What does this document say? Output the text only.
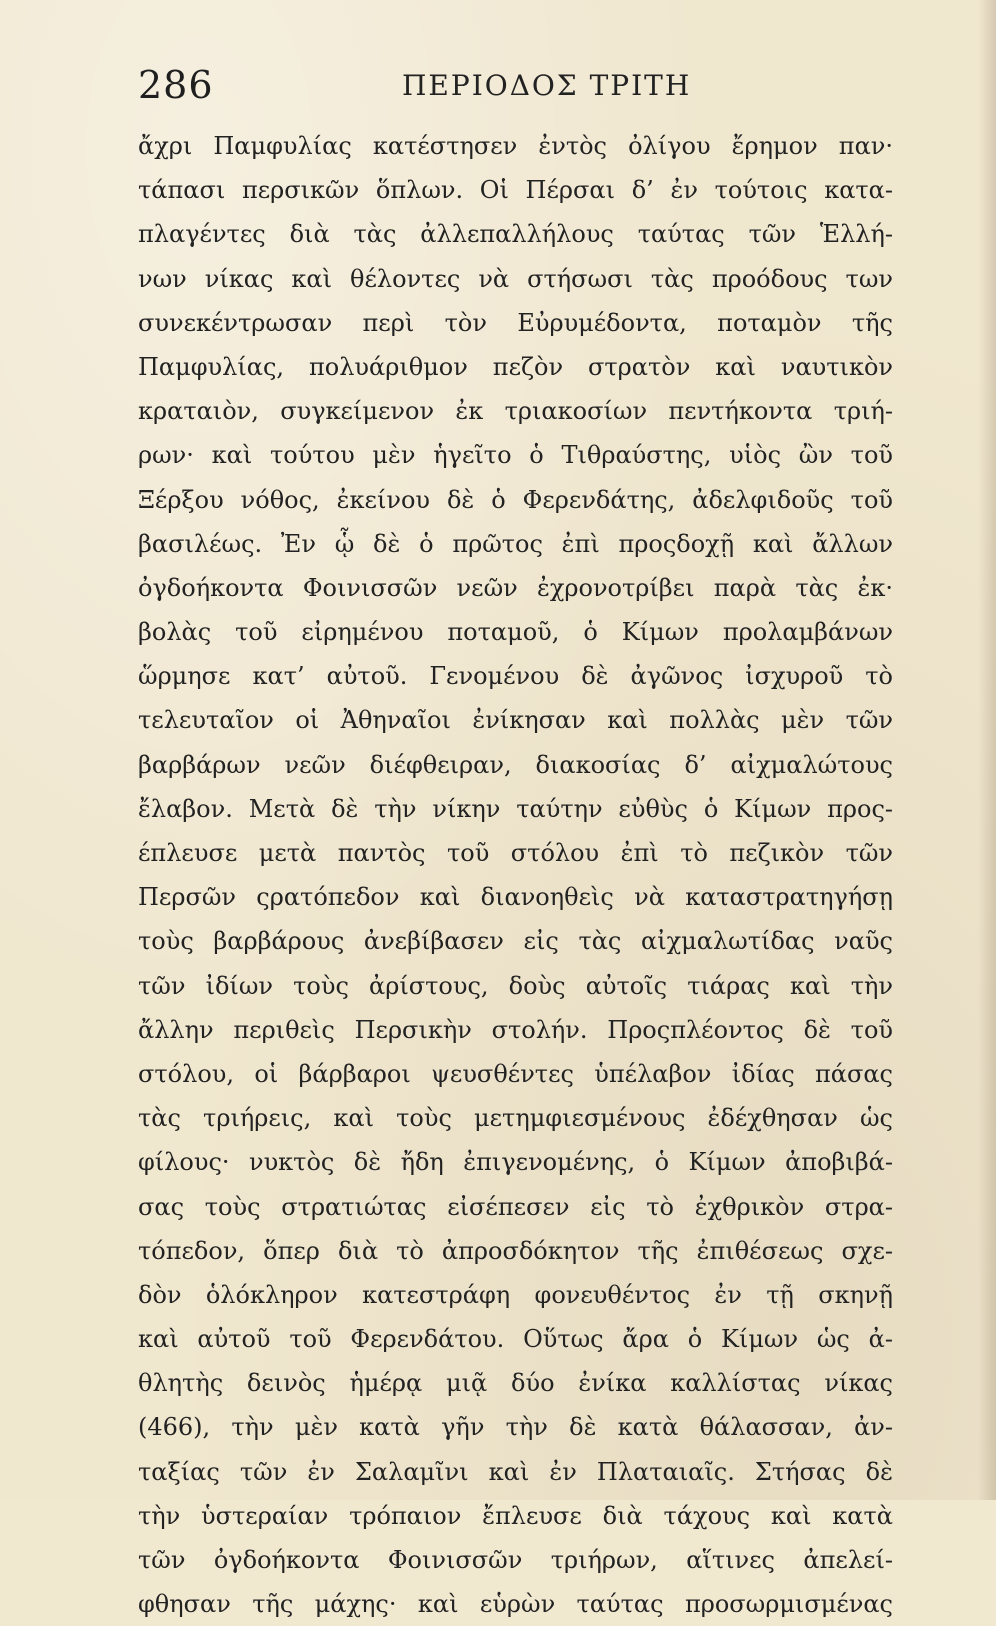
286	ΠΕΡΙΟΔΟΣ ΤΡΙΤΗ
ἄχρι Παμφυλίας κατέστησεν ἐντὸς ὀλίγου ἔρημον παν·
τάπασι περσικῶν ὅπλων. Οἱ Πέρσαι δ’ ἐν τούτοις κατα-
πλαγέντες διὰ τὰς ἀλλεπαλλήλους ταύτας τῶν Ἑλλή-
νων νίκας καὶ θέλοντες νὰ στήσωσι τὰς προόδους των
συνεκέντρωσαν περὶ τὸν Εὐρυμέδοντα, ποταμὸν τῆς
Παμφυλίας, πολυάριθμον πεζὸν στρατὸν καὶ ναυτικὸν
κραταιὸν, συγκείμενον ἐκ τριακοσίων πεντήκοντα τριή-
ρων· καὶ τούτου μὲν ἡγεῖτο ὁ Τιθραύστης, υἱὸς ὢν τοῦ
Ξέρξου νόθος, ἐκείνου δὲ ὁ Φερενδάτης, ἀδελφιδοῦς τοῦ
βασιλέως. Ἐν ᾧ δὲ ὁ πρῶτος ἐπὶ προςδοχῇ καὶ ἄλλων
ὀγδοήκοντα Φοινισσῶν νεῶν ἐχρονοτρίβει παρὰ τὰς ἐκ·
βολὰς τοῦ εἰρημένου ποταμοῦ, ὁ Κίμων προλαμβάνων
ὥρμησε κατ’ αὐτοῦ. Γενομένου δὲ ἀγῶνος ἰσχυροῦ τὸ
τελευταῖον οἱ Ἀθηναῖοι ἐνίκησαν καὶ πολλὰς μὲν τῶν
βαρβάρων νεῶν διέφθειραν, διακοσίας δ’ αἰχμαλώτους
ἔλαβον. Μετὰ δὲ τὴν νίκην ταύτην εὐθὺς ὁ Κίμων προς-
έπλευσε μετὰ παντὸς τοῦ στόλου ἐπὶ τὸ πεζικὸν τῶν
Περσῶν ςρατόπεδον καὶ διανοηθεὶς νὰ καταστρατηγήσῃ
τοὺς βαρβάρους ἀνεβίβασεν εἰς τὰς αἰχμαλωτίδας ναῦς
τῶν ἰδίων τοὺς ἀρίστους, δοὺς αὐτοῖς τιάρας καὶ τὴν
ἄλλην περιθεὶς Περσικὴν στολήν. Προςπλέοντος δὲ τοῦ
στόλου, οἱ βάρβαροι ψευσθέντες ὑπέλαβον ἰδίας πάσας
τὰς τριήρεις, καὶ τοὺς μετημφιεσμένους ἐδέχθησαν ὡς
φίλους· νυκτὸς δὲ ἤδη ἐπιγενομένης, ὁ Κίμων ἀποβιβά-
σας τοὺς στρατιώτας εἰσέπεσεν εἰς τὸ ἐχθρικὸν στρα-
τόπεδον, ὅπερ διὰ τὸ ἀπροσδόκητον τῆς ἐπιθέσεως σχε-
δὸν ὁλόκληρον κατεστράφη φονευθέντος ἐν τῇ σκηνῇ
καὶ αὐτοῦ τοῦ Φερενδάτου. Οὕτως ἄρα ὁ Κίμων ὡς ἀ-
θλητὴς δεινὸς ἡμέρᾳ μιᾷ δύο ἐνίκα καλλίστας νίκας
(466), τὴν μὲν κατὰ γῆν τὴν δὲ κατὰ θάλασσαν, ἀν-
ταξίας τῶν ἐν Σαλαμῖνι καὶ ἐν Πλαταιαῖς. Στήσας δὲ
τὴν ὑστεραίαν τρόπαιον ἔπλευσε διὰ τάχους καὶ κατὰ
τῶν ὀγδοήκοντα Φοινισσῶν τριήρων, αἵτινες ἀπελεί-
φθησαν τῆς μάχης· καὶ εὑρὼν ταύτας προσωρμισμένας
